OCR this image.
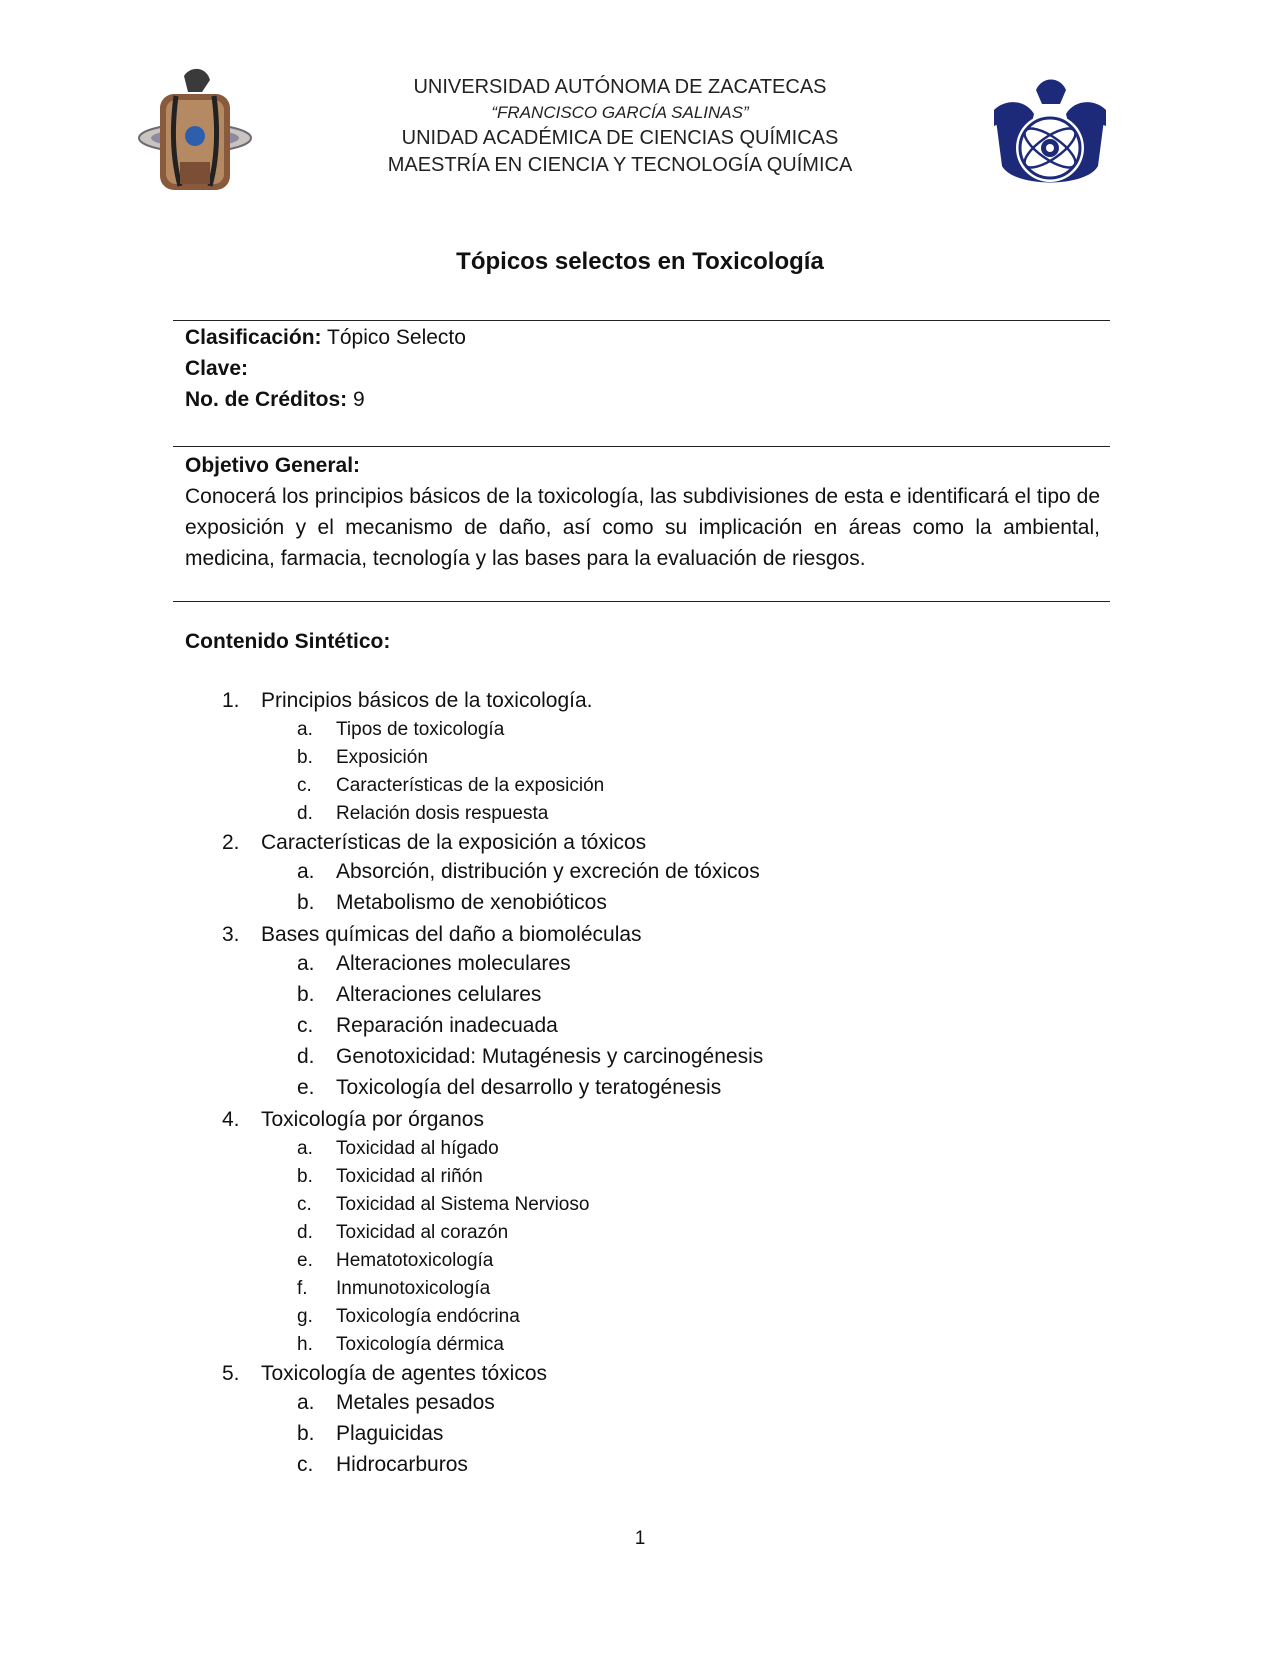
UNIVERSIDAD AUTÓNOMA DE ZACATECAS
“FRANCISCO GARCÍA SALINAS”
UNIDAD ACADÉMICA DE CIENCIAS QUÍMICAS
MAESTRÍA EN CIENCIA Y TECNOLOGÍA QUÍMICA
Tópicos selectos en Toxicología
Clasificación: Tópico Selecto
Clave:
No. de Créditos: 9
Objetivo General:
Conocerá los principios básicos de la toxicología, las subdivisiones de esta e identificará el tipo de exposición y el mecanismo de daño, así como su implicación en áreas como la ambiental, medicina, farmacia, tecnología y las bases para la evaluación de riesgos.
Contenido Sintético:
1. Principios básicos de la toxicología.
a. Tipos de toxicología
b. Exposición
c. Características de la exposición
d. Relación dosis respuesta
2. Características de la exposición a tóxicos
a. Absorción, distribución y excreción de tóxicos
b. Metabolismo de xenobióticos
3. Bases químicas del daño a biomoléculas
a. Alteraciones moleculares
b. Alteraciones celulares
c. Reparación inadecuada
d. Genotoxicidad: Mutagénesis y carcinogénesis
e. Toxicología del desarrollo y teratogénesis
4. Toxicología por órganos
a. Toxicidad al hígado
b. Toxicidad al riñón
c. Toxicidad al Sistema Nervioso
d. Toxicidad al corazón
e. Hematotoxicología
f. Inmunotoxicología
g. Toxicología endócrina
h. Toxicología dérmica
5. Toxicología de agentes tóxicos
a. Metales pesados
b. Plaguicidas
c. Hidrocarburos
1
